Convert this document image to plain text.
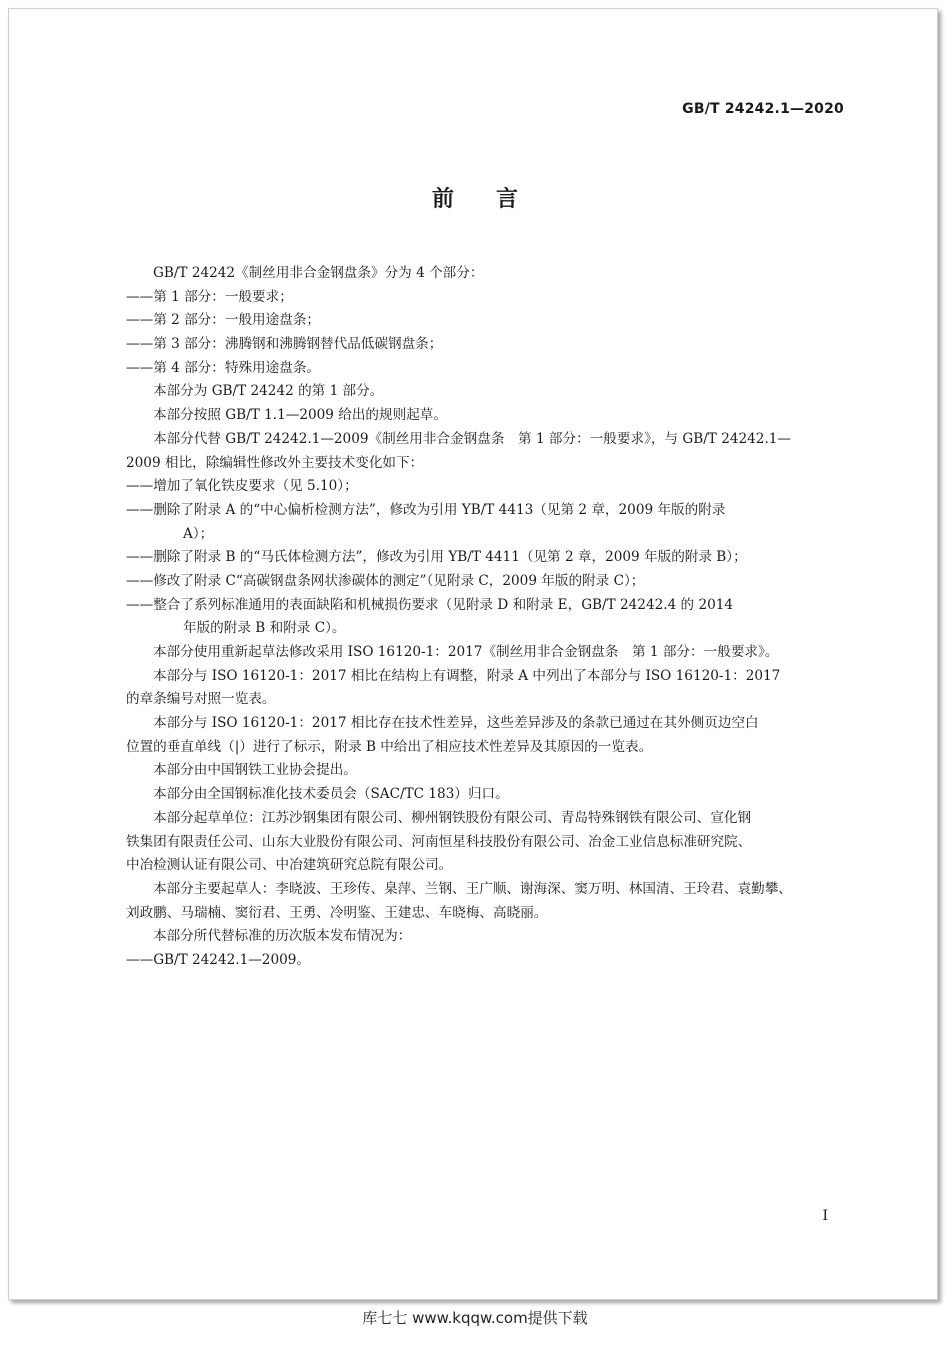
GB/T 24242.1—2020
前言
GB/T 24242《制丝用非合金钢盘条》分为 4 个部分：
——第 1 部分：一般要求；
——第 2 部分：一般用途盘条；
——第 3 部分：沸腾钢和沸腾钢替代品低碳钢盘条；
——第 4 部分：特殊用途盘条。
本部分为 GB/T 24242 的第 1 部分。
本部分按照 GB/T 1.1—2009 给出的规则起草。
本部分代替 GB/T 24242.1—2009《制丝用非合金钢盘条　第 1 部分：一般要求》，与 GB/T 24242.1—
2009 相比，除编辑性修改外主要技术变化如下：
——增加了氧化铁皮要求（见 5.10）；
——删除了附录 A 的“中心偏析检测方法”，修改为引用 YB/T 4413（见第 2 章，2009 年版的附录
A）；
——删除了附录 B 的“马氏体检测方法”，修改为引用 YB/T 4411（见第 2 章，2009 年版的附录 B）；
——修改了附录 C“高碳钢盘条网状渗碳体的测定”（见附录 C，2009 年版的附录 C）；
——整合了系列标准通用的表面缺陷和机械损伤要求（见附录 D 和附录 E，GB/T 24242.4 的 2014
年版的附录 B 和附录 C）。
本部分使用重新起草法修改采用 ISO 16120-1：2017《制丝用非合金钢盘条　第 1 部分：一般要求》。
本部分与 ISO 16120-1：2017 相比在结构上有调整，附录 A 中列出了本部分与 ISO 16120-1：2017
的章条编号对照一览表。
本部分与 ISO 16120-1：2017 相比存在技术性差异，这些差异涉及的条款已通过在其外侧页边空白
位置的垂直单线（|）进行了标示，附录 B 中给出了相应技术性差异及其原因的一览表。
本部分由中国钢铁工业协会提出。
本部分由全国钢标准化技术委员会（SAC/TC 183）归口。
本部分起草单位：江苏沙钢集团有限公司、柳州钢铁股份有限公司、青岛特殊钢铁有限公司、宣化钢
铁集团有限责任公司、山东大业股份有限公司、河南恒星科技股份有限公司、冶金工业信息标准研究院、
中冶检测认证有限公司、中冶建筑研究总院有限公司。
本部分主要起草人：李晓波、王珍传、臬萍、兰钢、王广顺、谢海深、窦万明、林国清、王玲君、袁勤攀、
刘政鹏、马瑞楠、窦衍君、王勇、冷明鉴、王建忠、车晓梅、高晓丽。
本部分所代替标准的历次版本发布情况为：
——GB/T 24242.1—2009。
I
库七七 www.kqqw.com提供下载
